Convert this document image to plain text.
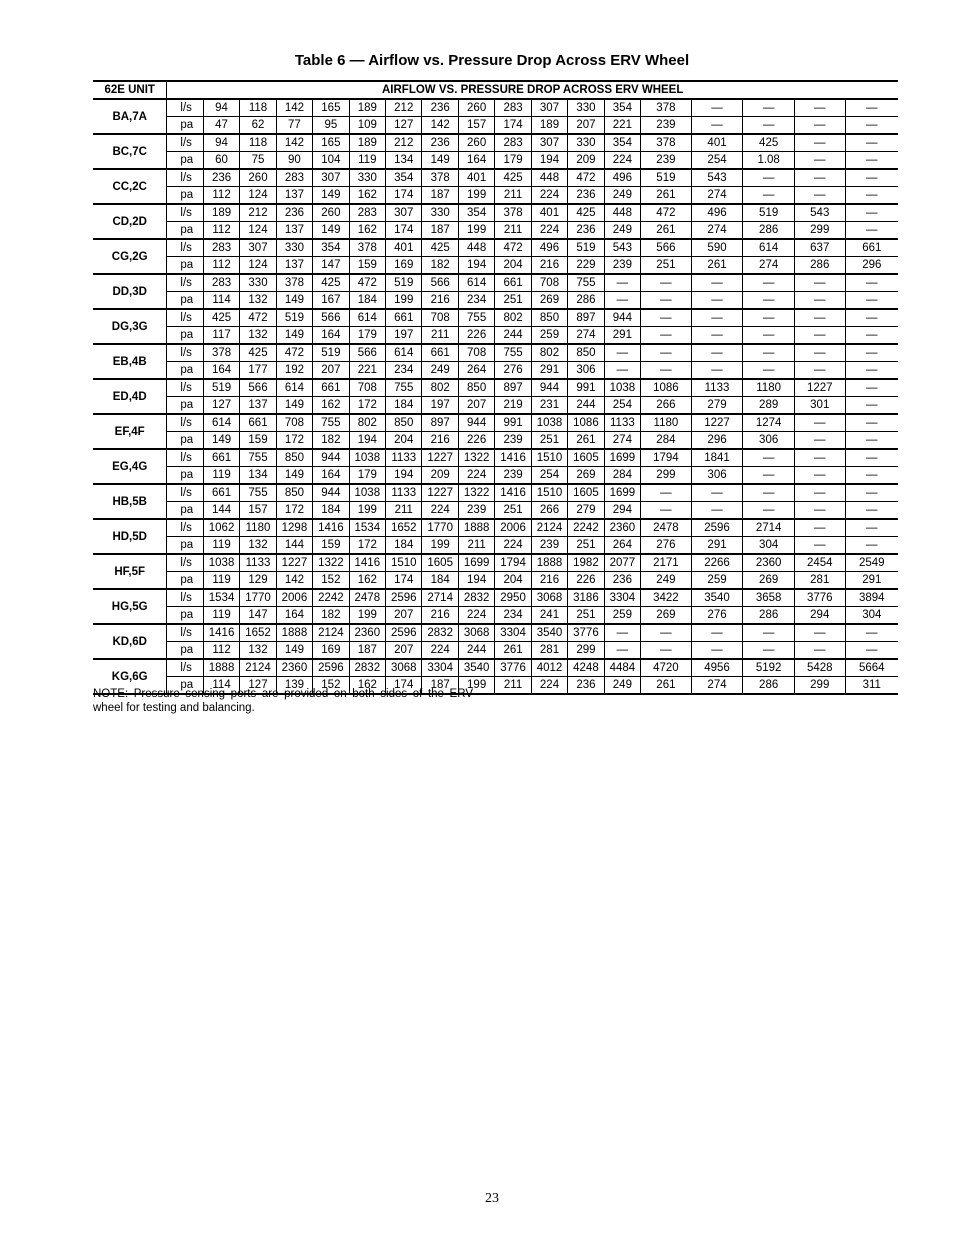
Table 6 — Airflow vs. Pressure Drop Across ERV Wheel
62E UNIT	AIRFLOW VS. PRESSURE DROP ACROSS ERV WHEEL																	
BA,7A	l/s	94	118	142	165	189	212	236	260	283	307	330	354	378	—	—	—	—
	pa	47	62	77	95	109	127	142	157	174	189	207	221	239	—	—	—	—
BC,7C	l/s	94	118	142	165	189	212	236	260	283	307	330	354	378	401	425	—	—
	pa	60	75	90	104	119	134	149	164	179	194	209	224	239	254	1.08	—	—
CC,2C	l/s	236	260	283	307	330	354	378	401	425	448	472	496	519	543	—	—	—
	pa	112	124	137	149	162	174	187	199	211	224	236	249	261	274	—	—	—
CD,2D	l/s	189	212	236	260	283	307	330	354	378	401	425	448	472	496	519	543	—
	pa	112	124	137	149	162	174	187	199	211	224	236	249	261	274	286	299	—
CG,2G	l/s	283	307	330	354	378	401	425	448	472	496	519	543	566	590	614	637	661
	pa	112	124	137	147	159	169	182	194	204	216	229	239	251	261	274	286	296
DD,3D	l/s	283	330	378	425	472	519	566	614	661	708	755	—	—	—	—	—	—
	pa	114	132	149	167	184	199	216	234	251	269	286	—	—	—	—	—	—
DG,3G	l/s	425	472	519	566	614	661	708	755	802	850	897	944	—	—	—	—	—
	pa	117	132	149	164	179	197	211	226	244	259	274	291	—	—	—	—	—
EB,4B	l/s	378	425	472	519	566	614	661	708	755	802	850	—	—	—	—	—	—
	pa	164	177	192	207	221	234	249	264	276	291	306	—	—	—	—	—	—
ED,4D	l/s	519	566	614	661	708	755	802	850	897	944	991	1038	1086	1133	1180	1227	—
	pa	127	137	149	162	172	184	197	207	219	231	244	254	266	279	289	301	—
EF,4F	l/s	614	661	708	755	802	850	897	944	991	1038	1086	1133	1180	1227	1274	—	—
	pa	149	159	172	182	194	204	216	226	239	251	261	274	284	296	306	—	—
EG,4G	l/s	661	755	850	944	1038	1133	1227	1322	1416	1510	1605	1699	1794	1841	—	—	—
	pa	119	134	149	164	179	194	209	224	239	254	269	284	299	306	—	—	—
HB,5B	l/s	661	755	850	944	1038	1133	1227	1322	1416	1510	1605	1699	—	—	—	—	—
	pa	144	157	172	184	199	211	224	239	251	266	279	294	—	—	—	—	—
HD,5D	l/s	1062	1180	1298	1416	1534	1652	1770	1888	2006	2124	2242	2360	2478	2596	2714	—	—
	pa	119	132	144	159	172	184	199	211	224	239	251	264	276	291	304	—	—
HF,5F	l/s	1038	1133	1227	1322	1416	1510	1605	1699	1794	1888	1982	2077	2171	2266	2360	2454	2549
	pa	119	129	142	152	162	174	184	194	204	216	226	236	249	259	269	281	291
HG,5G	l/s	1534	1770	2006	2242	2478	2596	2714	2832	2950	3068	3186	3304	3422	3540	3658	3776	3894
	pa	119	147	164	182	199	207	216	224	234	241	251	259	269	276	286	294	304
KD,6D	l/s	1416	1652	1888	2124	2360	2596	2832	3068	3304	3540	3776	—	—	—	—	—	—
	pa	112	132	149	169	187	207	224	244	261	281	299	—	—	—	—	—	—
KG,6G	l/s	1888	2124	2360	2596	2832	3068	3304	3540	3776	4012	4248	4484	4720	4956	5192	5428	5664
	pa	114	127	139	152	162	174	187	199	211	224	236	249	261	274	286	299	311
NOTE: Pressure sensing ports are provided on both sides of the ERV wheel for testing and balancing.
23
